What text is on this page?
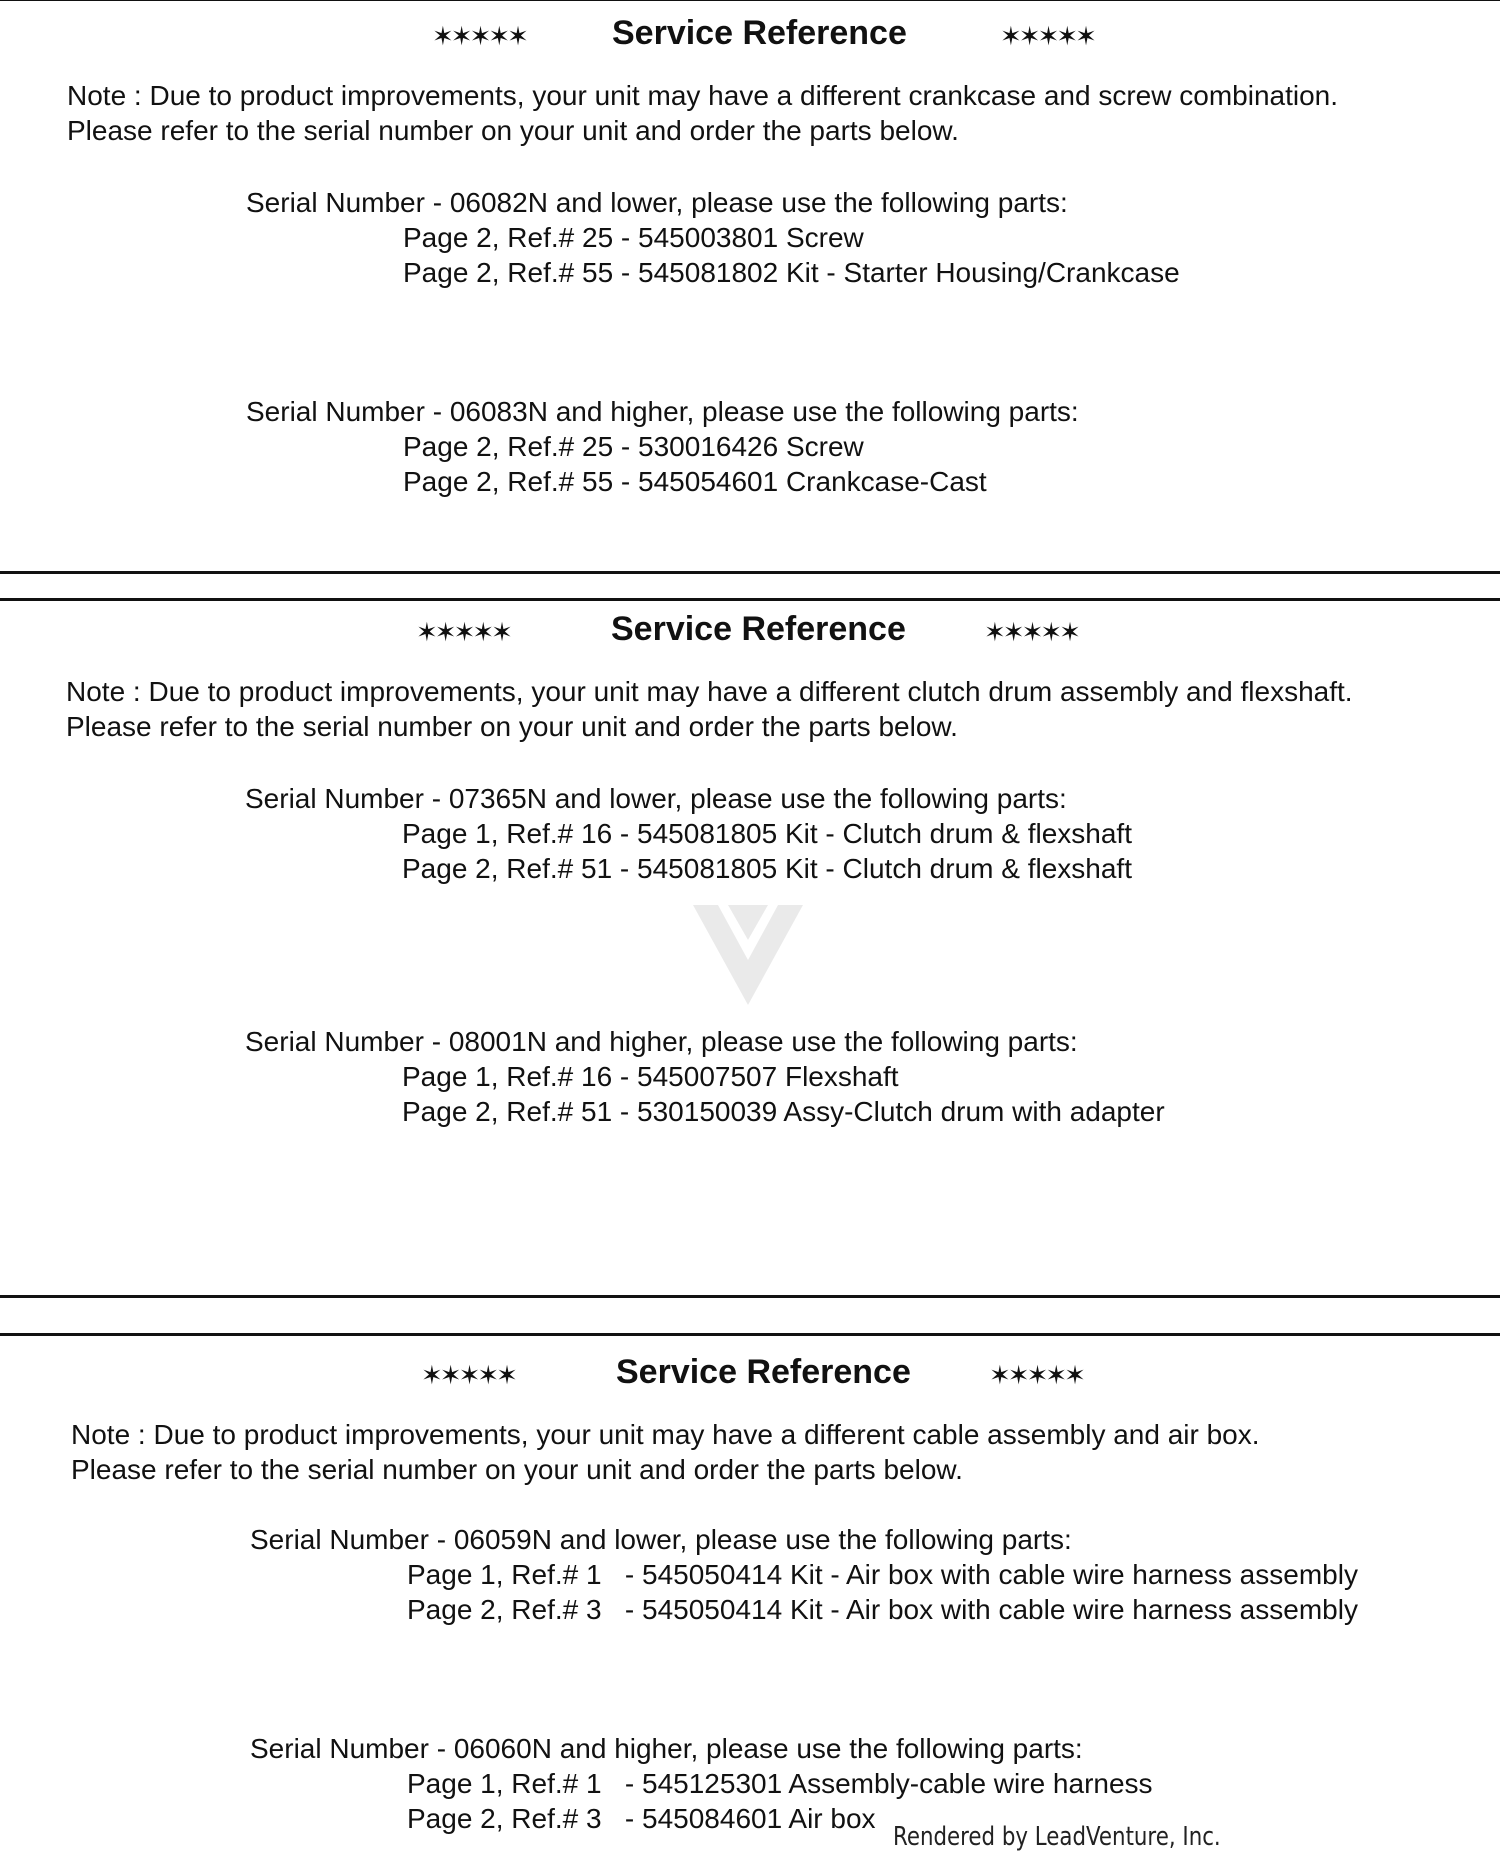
✶✶✶✶✶	Service Reference	✶✶✶✶✶
Note : Due to product improvements, your unit may have a different crankcase and screw combination.
Please refer to the serial number on your unit and order the parts below.
Serial Number - 06082N and lower, please use the following parts:
Page 2, Ref.# 25 - 545003801 Screw
Page 2, Ref.# 55 - 545081802 Kit - Starter Housing/Crankcase
Serial Number - 06083N and higher, please use the following parts:
Page 2, Ref.# 25 - 530016426 Screw
Page 2, Ref.# 55 - 545054601 Crankcase-Cast
✶✶✶✶✶	Service Reference	✶✶✶✶✶
Note : Due to product improvements, your unit may have a different clutch drum assembly and flexshaft.
Please refer to the serial number on your unit and order the parts below.
Serial Number - 07365N and lower, please use the following parts:
Page 1, Ref.# 16 - 545081805 Kit - Clutch drum & flexshaft
Page 2, Ref.# 51 - 545081805 Kit - Clutch drum & flexshaft
Serial Number - 08001N and higher, please use the following parts:
Page 1, Ref.# 16 - 545007507 Flexshaft
Page 2, Ref.# 51 - 530150039 Assy-Clutch drum with adapter
✶✶✶✶✶	Service Reference	✶✶✶✶✶
Note : Due to product improvements, your unit may have a different cable assembly and air box.
Please refer to the serial number on your unit and order the parts below.
Serial Number - 06059N and lower, please use the following parts:
Page 1, Ref.# 1   - 545050414 Kit - Air box with cable wire harness assembly
Page 2, Ref.# 3   - 545050414 Kit - Air box with cable wire harness assembly
Serial Number - 06060N and higher, please use the following parts:
Page 1, Ref.# 1   - 545125301 Assembly-cable wire harness
Page 2, Ref.# 3   - 545084601 Air box
Rendered by LeadVenture, Inc.
